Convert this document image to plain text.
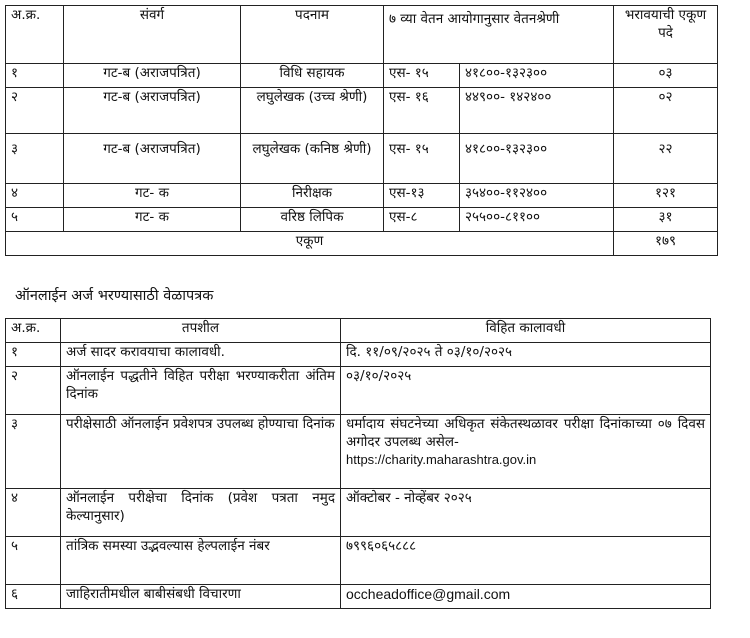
अ.क्र.	संवर्ग	पदनाम	७ व्या वेतन आयोगानुसार वेतनश्रेणी		भरावयाची एकूण पदे
१	गट-ब (अराजपत्रित)	विधि सहायक	एस- १५	४१८००-१३२३००	०३
२	गट-ब (अराजपत्रित)	लघुलेखक (उच्च श्रेणी)	एस- १६	४४९००- १४२४००	०२
३	गट-ब (अराजपत्रित)	लघुलेखक (कनिष्ठ श्रेणी)	एस- १५	४१८००-१३२३००	२२
४	गट- क	निरीक्षक	एस-१३	३५४००-११२४००	१२१
५	गट- क	वरिष्ठ लिपिक	एस-८	२५५००-८११००	३१
एकूण					१७९
ऑनलाईन अर्ज भरण्यासाठी वेळापत्रक
अ.क्र.	तपशील	विहित कालावधी
१	अर्ज सादर करावयाचा कालावधी.	दि. ११/०९/२०२५ ते ०३/१०/२०२५
२	ऑनलाईन पद्धतीने विहित परीक्षा भरण्याकरीता अंतिम दिनांक	०३/१०/२०२५
३	परीक्षेसाठी ऑनलाईन प्रवेशपत्र उपलब्ध होण्याचा दिनांक	धर्मादाय संघटनेच्या अधिकृत संकेतस्थळावर परीक्षा दिनांकाच्या ०७ दिवस अगोदर उपलब्ध असेल-
https://charity.maharashtra.gov.in

४	ऑनलाईन परीक्षेचा दिनांक (प्रवेश पत्रता नमुद केल्यानुसार)	ऑक्टोबर - नोव्हेंबर २०२५
५	तांत्रिक समस्या उद्भवल्यास हेल्पलाईन नंबर	७९९६०६५८८८
६	जाहिरातीमधील बाबीसंबधी विचारणा	occheadoffice@gmail.com
